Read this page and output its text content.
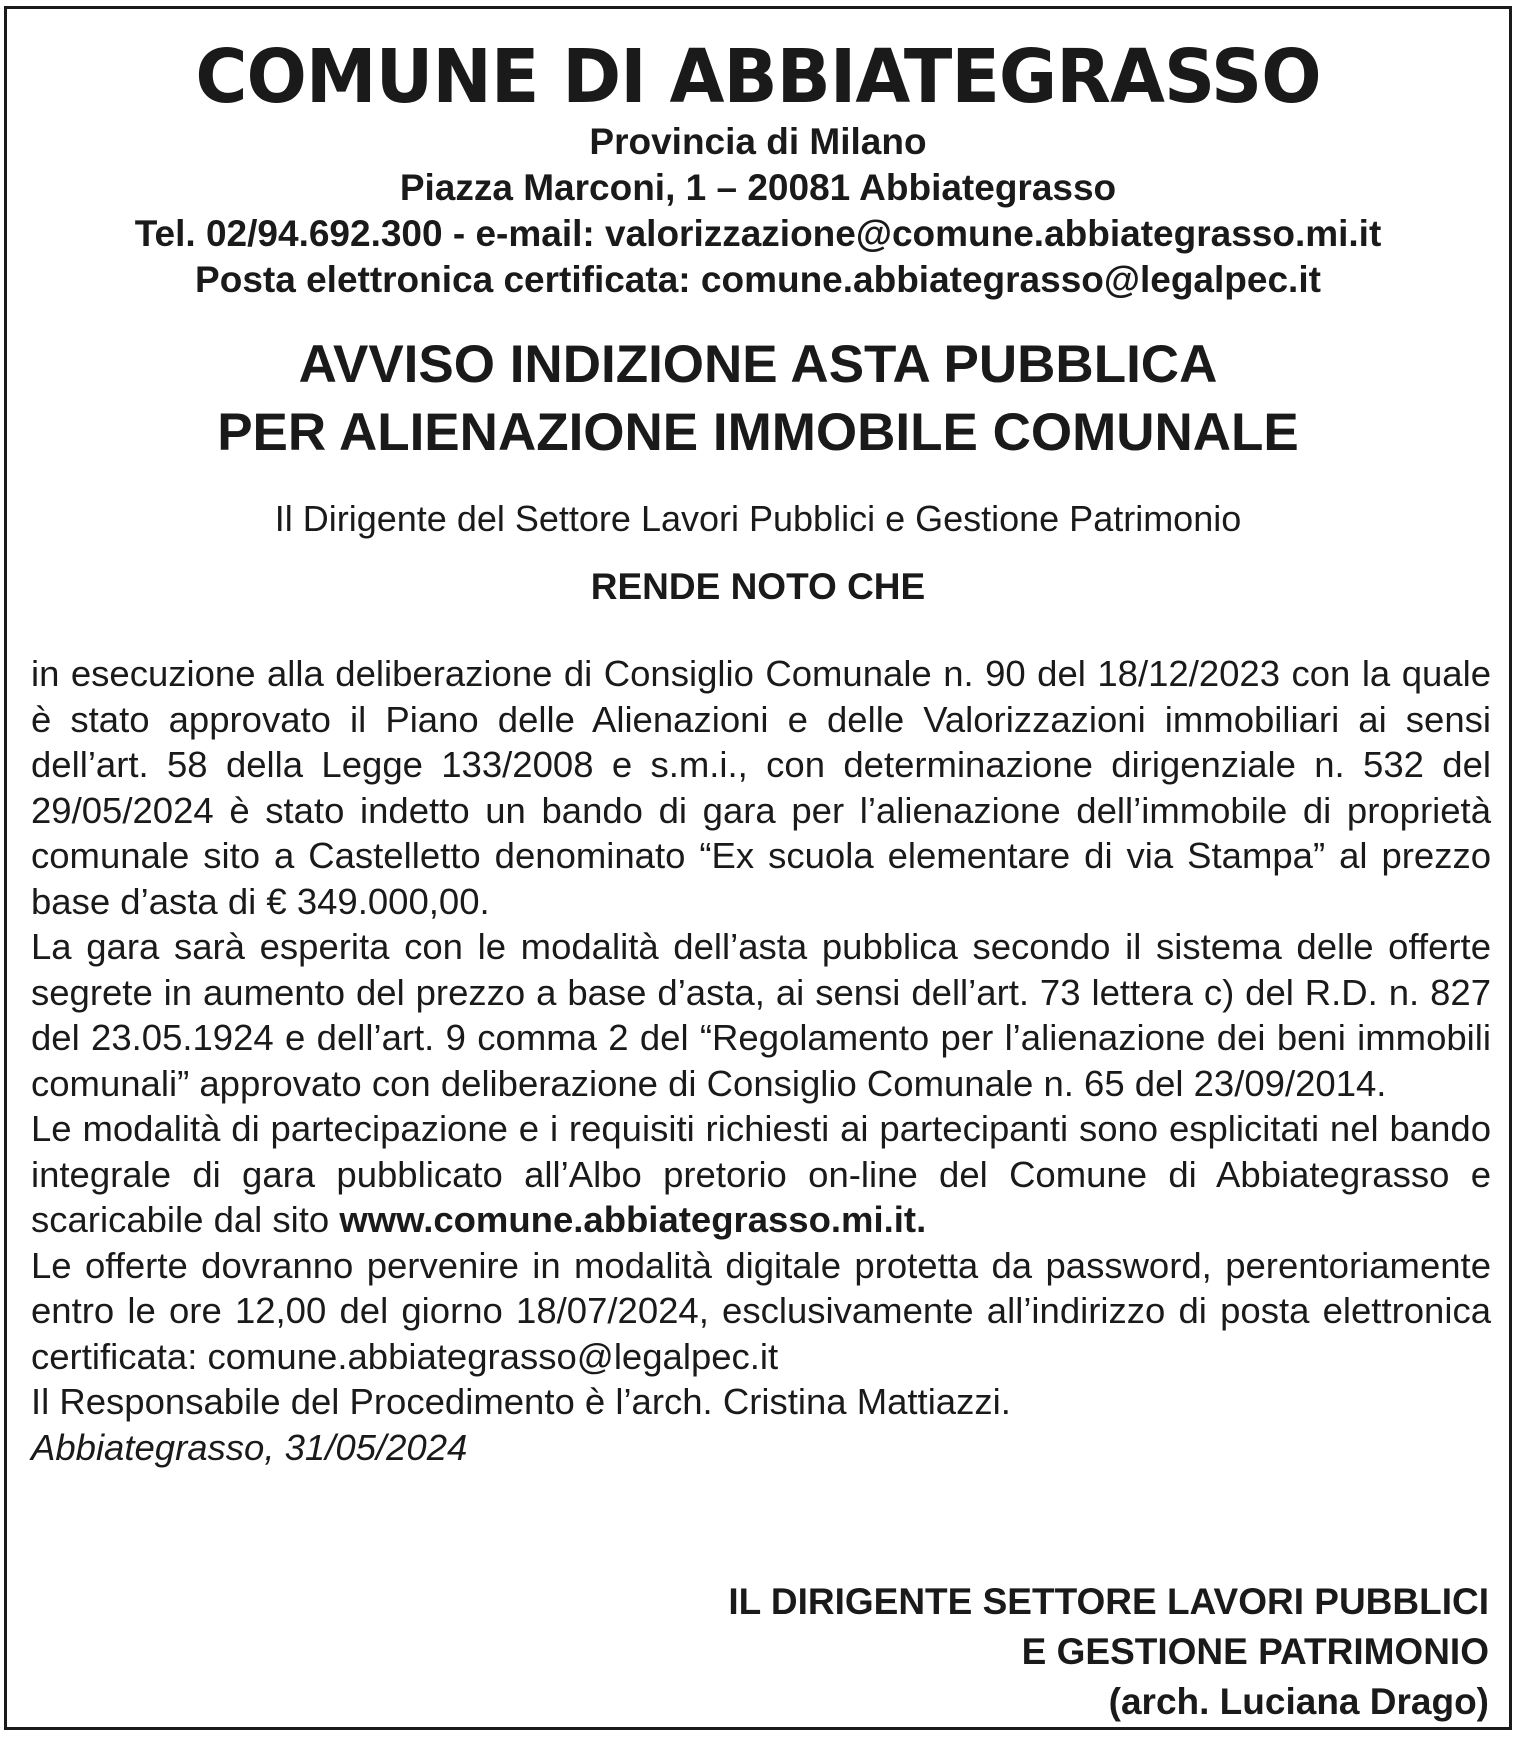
COMUNE DI ABBIATEGRASSO
Provincia di Milano
Piazza Marconi, 1 – 20081 Abbiategrasso
Tel. 02/94.692.300 - e-mail: valorizzazione@comune.abbiategrasso.mi.it
Posta elettronica certificata: comune.abbiategrasso@legalpec.it
AVVISO INDIZIONE ASTA PUBBLICA
PER ALIENAZIONE IMMOBILE COMUNALE
Il Dirigente del Settore Lavori Pubblici e Gestione Patrimonio
RENDE NOTO CHE

in esecuzione alla deliberazione di Consiglio Comunale n. 90 del 18/12/2023 con la quale è stato approvato il Piano delle Alienazioni e delle Valorizzazioni immobiliari ai sensi dell’art. 58 della Legge 133/2008 e s.m.i., con determinazione dirigenziale n. 532 del 29/05/2024 è stato indetto un bando di gara per l’alienazione dell’immobile di proprietà comunale sito a Castelletto denominato “Ex scuola elementare di via Stampa” al prezzo base d’asta di € 349.000,00.

La gara sarà esperita con le modalità dell’asta pubblica secondo il sistema delle offerte segrete in aumento del prezzo a base d’asta, ai sensi dell’art. 73 lettera c) del R.D. n. 827 del 23.05.1924 e dell’art. 9 comma 2 del “Regolamento per l’alienazione dei beni immobili comunali” approvato con deliberazione di Consiglio Comunale n. 65 del 23/09/2014.

Le modalità di partecipazione e i requisiti richiesti ai partecipanti sono esplicitati nel bando integrale di gara pubblicato all’Albo pretorio on-line del Comune di Abbiategrasso e scaricabile dal sito www.comune.abbiategrasso.mi.it.

Le offerte dovranno pervenire in modalità digitale protetta da password, perentoriamente entro le ore 12,00 del giorno 18/07/2024, esclusivamente all’indirizzo di posta elettronica certificata: comune.abbiategrasso@legalpec.it

Il Responsabile del Procedimento è l’arch. Cristina Mattiazzi.

Abbiategrasso, 31/05/2024

IL DIRIGENTE SETTORE LAVORI PUBBLICI
E GESTIONE PATRIMONIO
(arch. Luciana Drago)
